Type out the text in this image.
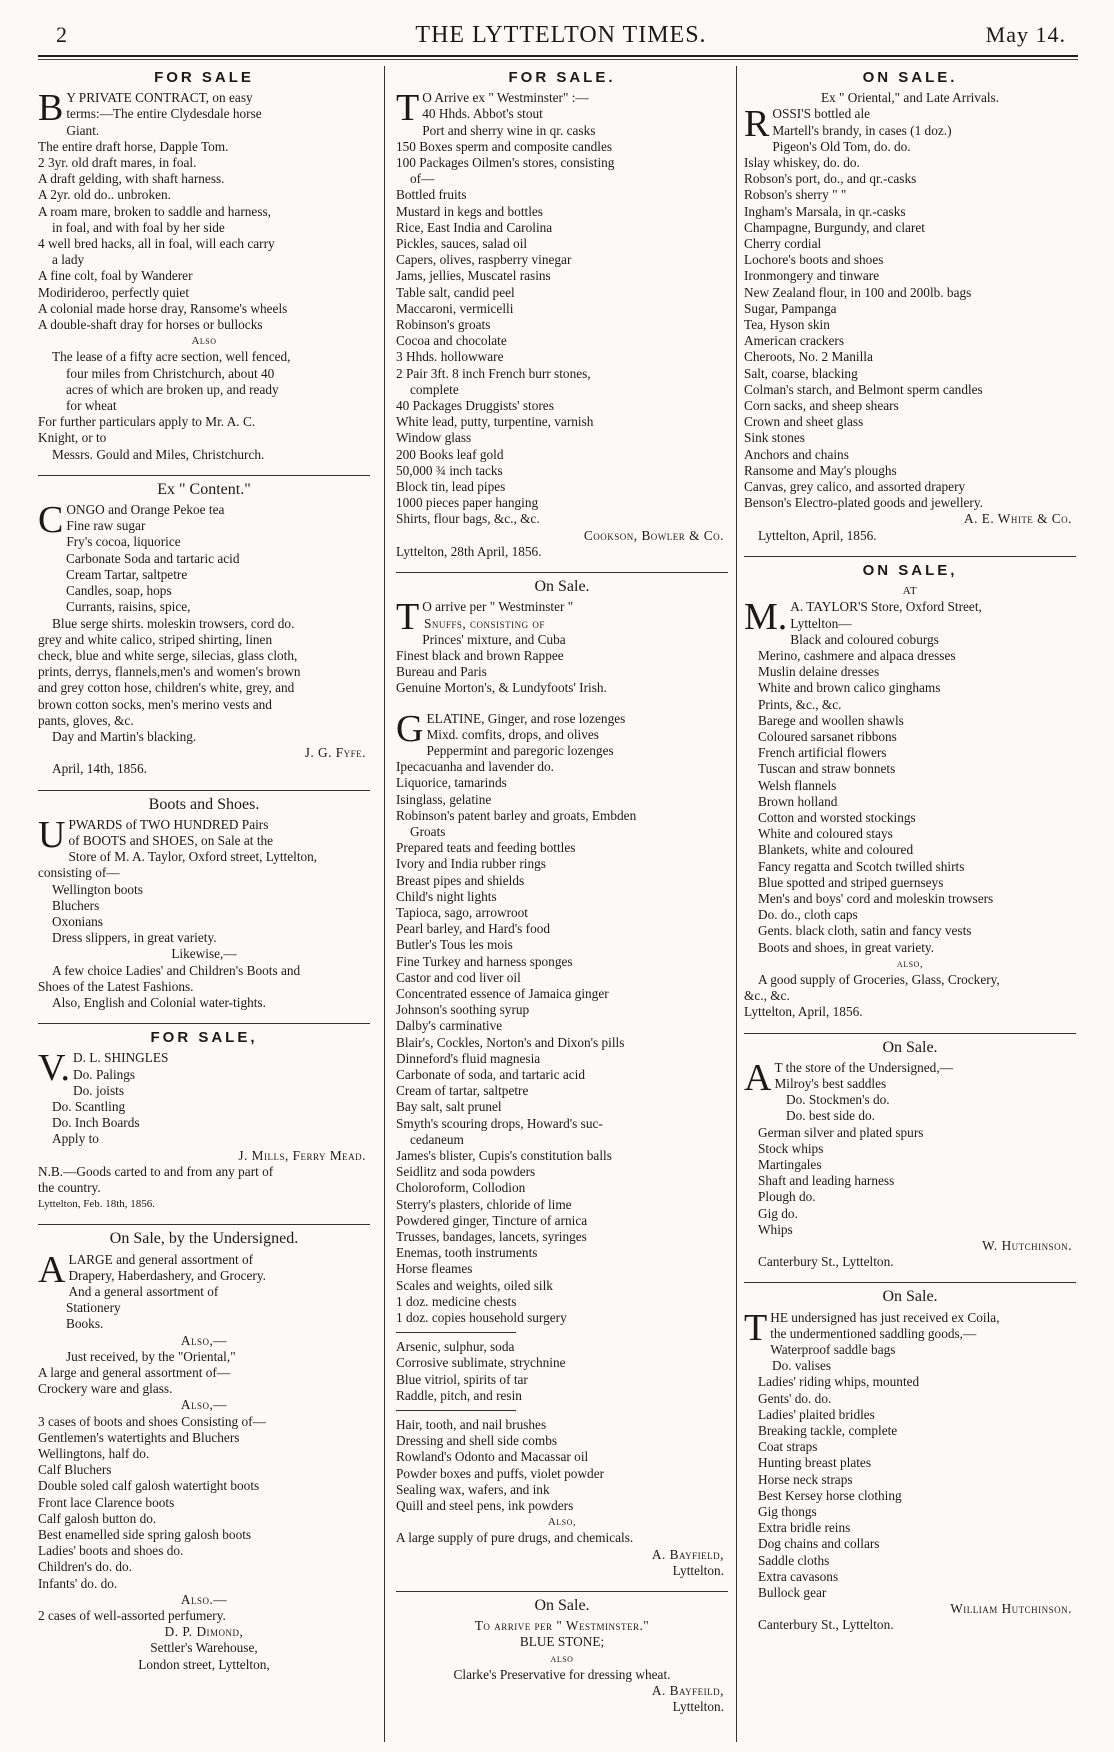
2	THE LYTTELTON TIMES.	May 14.
FOR SALE
B Y PRIVATE CONTRACT, on easy
terms:—The entire Clydesdale horse
Giant.
The entire draft horse, Dapple Tom.
2 3yr. old draft mares, in foal.
A draft gelding, with shaft harness.
A 2yr. old do.. unbroken.
A roam mare, broken to saddle and harness,
in foal, and with foal by her side
4 well bred hacks, all in foal, will each carry
a lady
A fine colt, foal by Wanderer
Modirideroo, perfectly quiet
A colonial made horse dray, Ransome's wheels
A double-shaft dray for horses or bullocks
Also
The lease of a fifty acre section, well fenced,
four miles from Christchurch, about 40
acres of which are broken up, and ready
for wheat
For further particulars apply to Mr. A. C.
Knight, or to
Messrs. Gould and Miles, Christchurch.
Ex " Content."
C ONGO and Orange Pekoe tea
Fine raw sugar
Fry's cocoa, liquorice
Carbonate Soda and tartaric acid
Cream Tartar, saltpetre
Candles, soap, hops
Currants, raisins, spice,
Blue serge shirts. moleskin trowsers, cord do.
grey and white calico, striped shirting, linen
check, blue and white serge, silecias, glass cloth,
prints, derrys, flannels,men's and women's brown
and grey cotton hose, children's white, grey, and
brown cotton socks, men's merino vests and
pants, gloves, &c.
Day and Martin's blacking.
J. G. Fyfe.
April, 14th, 1856.
Boots and Shoes.
U PWARDS of TWO HUNDRED Pairs
of BOOTS and SHOES, on Sale at the
Store of M. A. Taylor, Oxford street, Lyttelton,
consisting of—
Wellington boots
Bluchers
Oxonians
Dress slippers, in great variety.
Likewise,—
A few choice Ladies' and Children's Boots and
Shoes of the Latest Fashions.
Also, English and Colonial water-tights.
FOR SALE,
V. D. L. SHINGLES
Do. Palings
Do. joists
Do. Scantling
Do. Inch Boards
Apply to
J. Mills, Ferry Mead.
N.B.—Goods carted to and from any part of
the country.
Lyttelton, Feb. 18th, 1856.
On Sale, by the Undersigned.
A LARGE and general assortment of
Drapery, Haberdashery, and Grocery.
And a general assortment of
Stationery
Books.
Also,—
Just received, by the "Oriental,"
A large and general assortment of—
Crockery ware and glass.
Also,—
3 cases of boots and shoes Consisting of—
Gentlemen's watertights and Bluchers
Wellingtons, half do.
Calf Bluchers
Double soled calf galosh watertight boots
Front lace Clarence boots
Calf galosh button do.
Best enamelled side spring galosh boots
Ladies' boots and shoes do.
Children's do. do.
Infants' do. do.
Also.—
2 cases of well-assorted perfumery.
D. P. Dimond,
Settler's Warehouse,
London street, Lyttelton,
FOR SALE.
T O Arrive ex " Westminster" :—
40 Hhds. Abbot's stout
Port and sherry wine in qr. casks
150 Boxes sperm and composite candles
100 Packages Oilmen's stores, consisting
of—
Bottled fruits
Mustard in kegs and bottles
Rice, East India and Carolina
Pickles, sauces, salad oil
Capers, olives, raspberry vinegar
Jams, jellies, Muscatel rasins
Table salt, candid peel
Maccaroni, vermicelli
Robinson's groats
Cocoa and chocolate
3 Hhds. hollowware
2 Pair 3ft. 8 inch French burr stones,
complete
40 Packages Druggists' stores
White lead, putty, turpentine, varnish
Window glass
200 Books leaf gold
50,000 ¾ inch tacks
Block tin, lead pipes
1000 pieces paper hanging
Shirts, flour bags, &c., &c.
Cookson, Bowler & Co.
Lyttelton, 28th April, 1856.
On Sale.
T O arrive per " Westminster "
Snuffs, consisting of
Princes' mixture, and Cuba
Finest black and brown Rappee
Bureau and Paris
Genuine Morton's, & Lundyfoots' Irish.
G ELATINE, Ginger, and rose lozenges
Mixd. comfits, drops, and olives
Peppermint and paregoric lozenges
Ipecacuanha and lavender do.
Liquorice, tamarinds
Isinglass, gelatine
Robinson's patent barley and groats, Embden
Groats
Prepared teats and feeding bottles
Ivory and India rubber rings
Breast pipes and shields
Child's night lights
Tapioca, sago, arrowroot
Pearl barley, and Hard's food
Butler's Tous les mois
Fine Turkey and harness sponges
Castor and cod liver oil
Concentrated essence of Jamaica ginger
Johnson's soothing syrup
Dalby's carminative
Blair's, Cockles, Norton's and Dixon's pills
Dinneford's fluid magnesia
Carbonate of soda, and tartaric acid
Cream of tartar, saltpetre
Bay salt, salt prunel
Smyth's scouring drops, Howard's suc-
cedaneum
James's blister, Cupis's constitution balls
Seidlitz and soda powders
Choloroform, Collodion
Sterry's plasters, chloride of lime
Powdered ginger, Tincture of arnica
Trusses, bandages, lancets, syringes
Enemas, tooth instruments
Horse fleames
Scales and weights, oiled silk
1 doz. medicine chests
1 doz. copies household surgery
Arsenic, sulphur, soda
Corrosive sublimate, strychnine
Blue vitriol, spirits of tar
Raddle, pitch, and resin
Hair, tooth, and nail brushes
Dressing and shell side combs
Rowland's Odonto and Macassar oil
Powder boxes and puffs, violet powder
Sealing wax, wafers, and ink
Quill and steel pens, ink powders
Also,
A large supply of pure drugs, and chemicals.
A. Bayfield,
Lyttelton.
On Sale.
To arrive per " Westminster."
BLUE STONE;
also
Clarke's Preservative for dressing wheat.
A. Bayfeild,
Lyttelton.
ON SALE.
Ex " Oriental," and Late Arrivals.
R OSSI'S bottled ale
Martell's brandy, in cases (1 doz.)
Pigeon's Old Tom, do. do.
Islay whiskey, do. do.
Robson's port, do., and qr.-casks
Robson's sherry " "
Ingham's Marsala, in qr.-casks
Champagne, Burgundy, and claret
Cherry cordial
Lochore's boots and shoes
Ironmongery and tinware
New Zealand flour, in 100 and 200lb. bags
Sugar, Pampanga
Tea, Hyson skin
American crackers
Cheroots, No. 2 Manilla
Salt, coarse, blacking
Colman's starch, and Belmont sperm candles
Corn sacks, and sheep shears
Crown and sheet glass
Sink stones
Anchors and chains
Ransome and May's ploughs
Canvas, grey calico, and assorted drapery
Benson's Electro-plated goods and jewellery.
A. E. White & Co.
Lyttelton, April, 1856.
ON SALE,
AT
M. A. TAYLOR'S Store, Oxford Street,
Lyttelton—
Black and coloured coburgs
Merino, cashmere and alpaca dresses
Muslin delaine dresses
White and brown calico ginghams
Prints, &c., &c.
Barege and woollen shawls
Coloured sarsanet ribbons
French artificial flowers
Tuscan and straw bonnets
Welsh flannels
Brown holland
Cotton and worsted stockings
White and coloured stays
Blankets, white and coloured
Fancy regatta and Scotch twilled shirts
Blue spotted and striped guernseys
Men's and boys' cord and moleskin trowsers
Do. do., cloth caps
Gents. black cloth, satin and fancy vests
Boots and shoes, in great variety.
also,
A good supply of Groceries, Glass, Crockery,
&c., &c.
Lyttelton, April, 1856.
On Sale.
A T the store of the Undersigned,—
Milroy's best saddles
Do. Stockmen's do.
Do. best side do.
German silver and plated spurs
Stock whips
Martingales
Shaft and leading harness
Plough do.
Gig do.
Whips
W. Hutchinson.
Canterbury St., Lyttelton.
On Sale.
T HE undersigned has just received ex Coila,
the undermentioned saddling goods,—
Waterproof saddle bags
Do. valises
Ladies' riding whips, mounted
Gents' do. do.
Ladies' plaited bridles
Breaking tackle, complete
Coat straps
Hunting breast plates
Horse neck straps
Best Kersey horse clothing
Gig thongs
Extra bridle reins
Dog chains and collars
Saddle cloths
Extra cavasons
Bullock gear
William Hutchinson.
Canterbury St., Lyttelton.
